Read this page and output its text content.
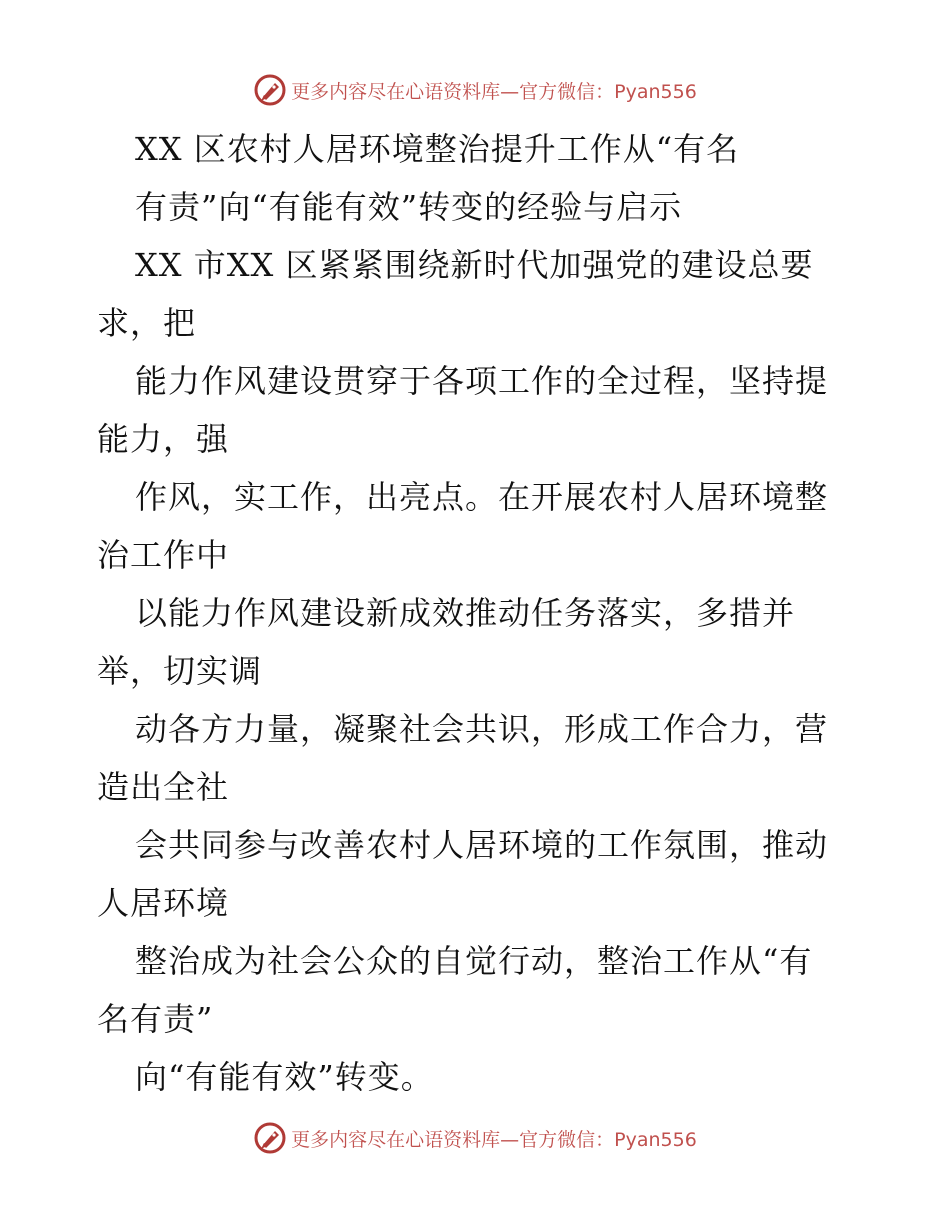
更多内容尽在心语资料库—官方微信：Pyan556
XX 区农村人居环境整治提升工作从“有名
有责”向“有能有效”转变的经验与启示
XX 市XX 区紧紧围绕新时代加强党的建设总要
求，把
能力作风建设贯穿于各项工作的全过程，坚持提
能力，强
作风，实工作，出亮点。在开展农村人居环境整
治工作中
以能力作风建设新成效推动任务落实，多措并
举，切实调
动各方力量，凝聚社会共识，形成工作合力，营
造出全社
会共同参与改善农村人居环境的工作氛围，推动
人居环境
整治成为社会公众的自觉行动，整治工作从“有
名有责”
向“有能有效”转变。
更多内容尽在心语资料库—官方微信：Pyan556
